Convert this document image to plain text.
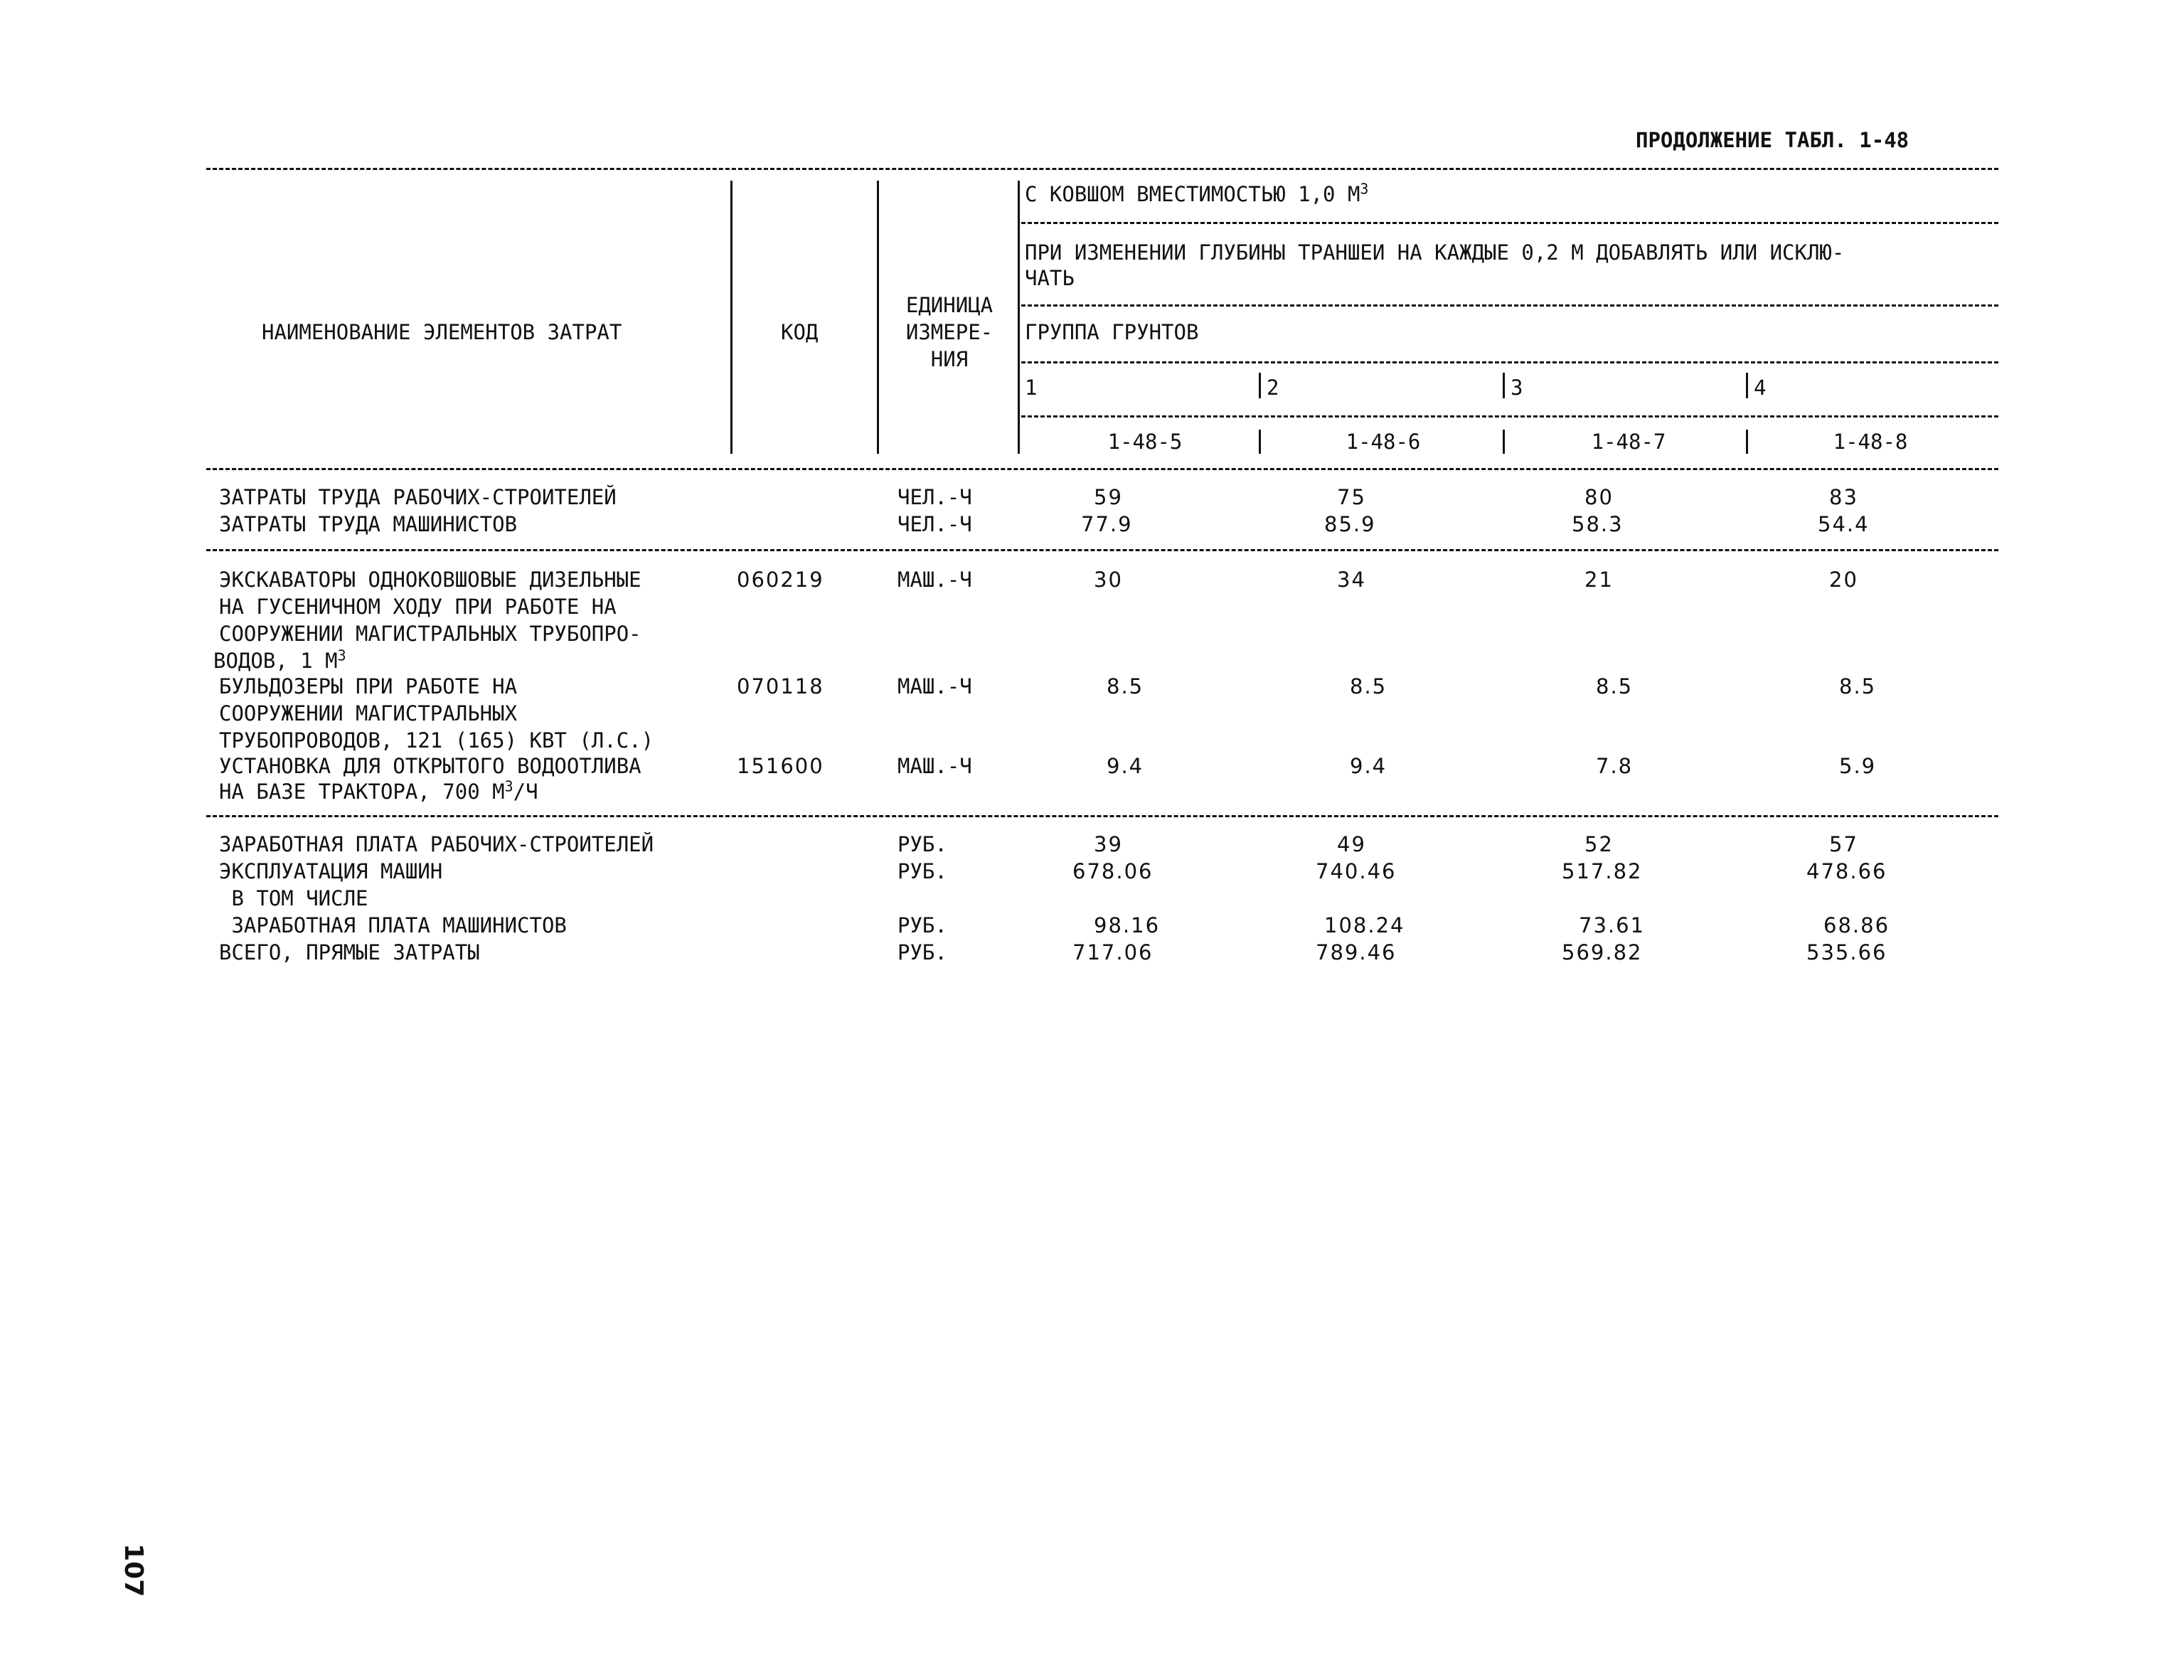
ПРОДОЛЖЕНИЕ ТАБЛ. 1-48
НАИМЕНОВАНИЕ ЭЛЕМЕНТОВ ЗАТРАТ	КОД
ЕДИНИЦА
ИЗМЕРЕ-
НИЯ
С КОВШОМ ВМЕСТИМОСТЬЮ 1,0 $М^3$
ПРИ ИЗМЕНЕНИИ ГЛУБИНЫ ТРАНШЕИ НА КАЖДЫЕ 0,2 М ДОБАВЛЯТЬ ИЛИ ИСКЛЮ-
ЧАТЬ
ГРУППА ГРУНТОВ
1	2	3	4
1-48-5	1-48-6	1-48-7	1-48-8
ЗАТРАТЫ ТРУДА РАБОЧИХ-СТРОИТЕЛЕЙ	ЧЕЛ.-Ч	59	75	80	83
ЗАТРАТЫ ТРУДА МАШИНИСТОВ	ЧЕЛ.-Ч	77.9	85.9	58.3	54.4
ЭКСКАВАТОРЫ ОДНОКОВШОВЫЕ ДИЗЕЛЬНЫЕ
НА ГУСЕНИЧНОМ ХОДУ ПРИ РАБОТЕ НА
СООРУЖЕНИИ МАГИСТРАЛЬНЫХ ТРУБОПРО-
ВОДОВ, 1 $М^3$
060219	МАШ.-Ч	30	34	21	20
БУЛЬДОЗЕРЫ ПРИ РАБОТЕ НА
СООРУЖЕНИИ МАГИСТРАЛЬНЫХ
ТРУБОПРОВОДОВ, 121 (165) КВТ (Л.С.)
070118	МАШ.-Ч	8.5	8.5	8.5	8.5
УСТАНОВКА ДЛЯ ОТКРЫТОГО ВОДООТЛИВА
НА БАЗЕ ТРАКТОРА, 700 $М^3/Ч$
151600	МАШ.-Ч	9.4	9.4	7.8	5.9
ЗАРАБОТНАЯ ПЛАТА РАБОЧИХ-СТРОИТЕЛЕЙ	РУБ.	39	49	52	57
ЭКСПЛУАТАЦИЯ МАШИН	РУБ.	678.06	740.46	517.82	478.66
В ТОМ ЧИСЛЕ
ЗАРАБОТНАЯ ПЛАТА МАШИНИСТОВ	РУБ.	98.16	108.24	73.61	68.86
ВСЕГО, ПРЯМЫЕ ЗАТРАТЫ	РУБ.	717.06	789.46	569.82	535.66
107
